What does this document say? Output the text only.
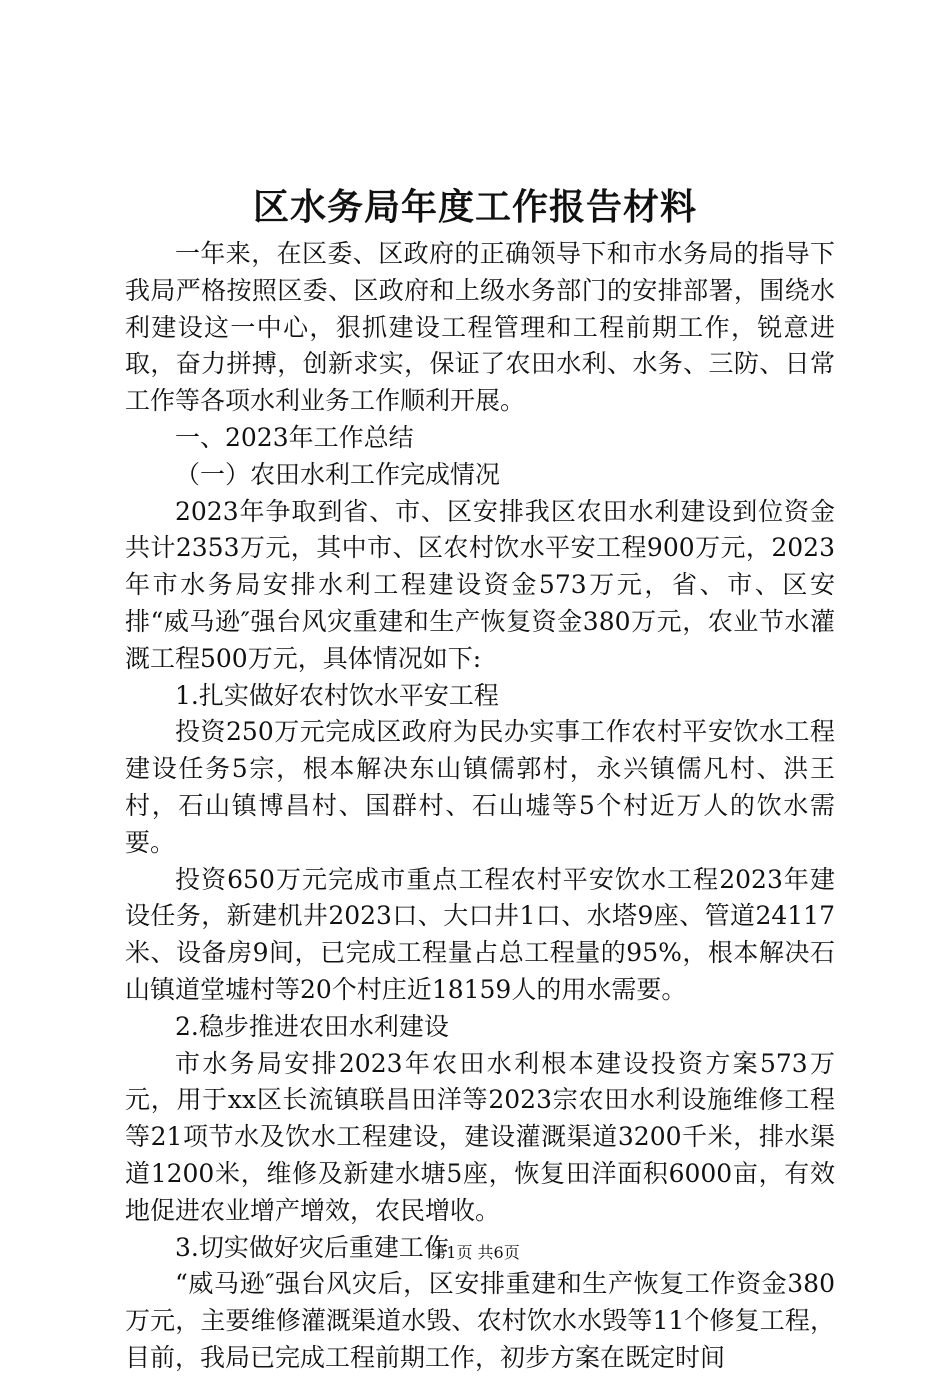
区水务局年度工作报告材料

一年来，在区委、区政府的正确领导下和市水务局的指导下我局严格按照区委、区政府和上级水务部门的安排部署，围绕水利建设这一中心，狠抓建设工程管理和工程前期工作，锐意进取，奋力拼搏，创新求实，保证了农田水利、水务、三防、日常工作等各项水利业务工作顺利开展。

一、2023年工作总结

（一）农田水利工作完成情况

2023年争取到省、市、区安排我区农田水利建设到位资金共计2353万元，其中市、区农村饮水平安工程900万元，2023年市水务局安排水利工程建设资金573万元，省、市、区安排“威马逊″强台风灾重建和生产恢复资金380万元，农业节水灌溉工程500万元，具体情况如下:

1.扎实做好农村饮水平安工程

投资250万元完成区政府为民办实事工作农村平安饮水工程建设任务5宗，根本解决东山镇儒郭村，永兴镇儒凡村、洪王村，石山镇博昌村、国群村、石山墟等5个村近万人的饮水需要。

投资650万元完成市重点工程农村平安饮水工程2023年建设任务，新建机井2023口、大口井1口、水塔9座、管道24117米、设备房9间，已完成工程量占总工程量的95%，根本解决石山镇道堂墟村等20个村庄近18159人的用水需要。

2.稳步推进农田水利建设

市水务局安排2023年农田水利根本建设投资方案573万元，用于xx区长流镇联昌田洋等2023宗农田水利设施维修工程等21项节水及饮水工程建设，建设灌溉渠道3200千米，排水渠道1200米，维修及新建水塘5座，恢复田洋面积6000亩，有效地促进农业增产增效，农民增收。

3.切实做好灾后重建工作

“威马逊″强台风灾后，区安排重建和生产恢复工作资金380万元，主要维修灌溉渠道水毁、农村饮水水毁等11个修复工程，目前，我局已完成工程前期工作，初步方案在既定时间

第1页 共6页
